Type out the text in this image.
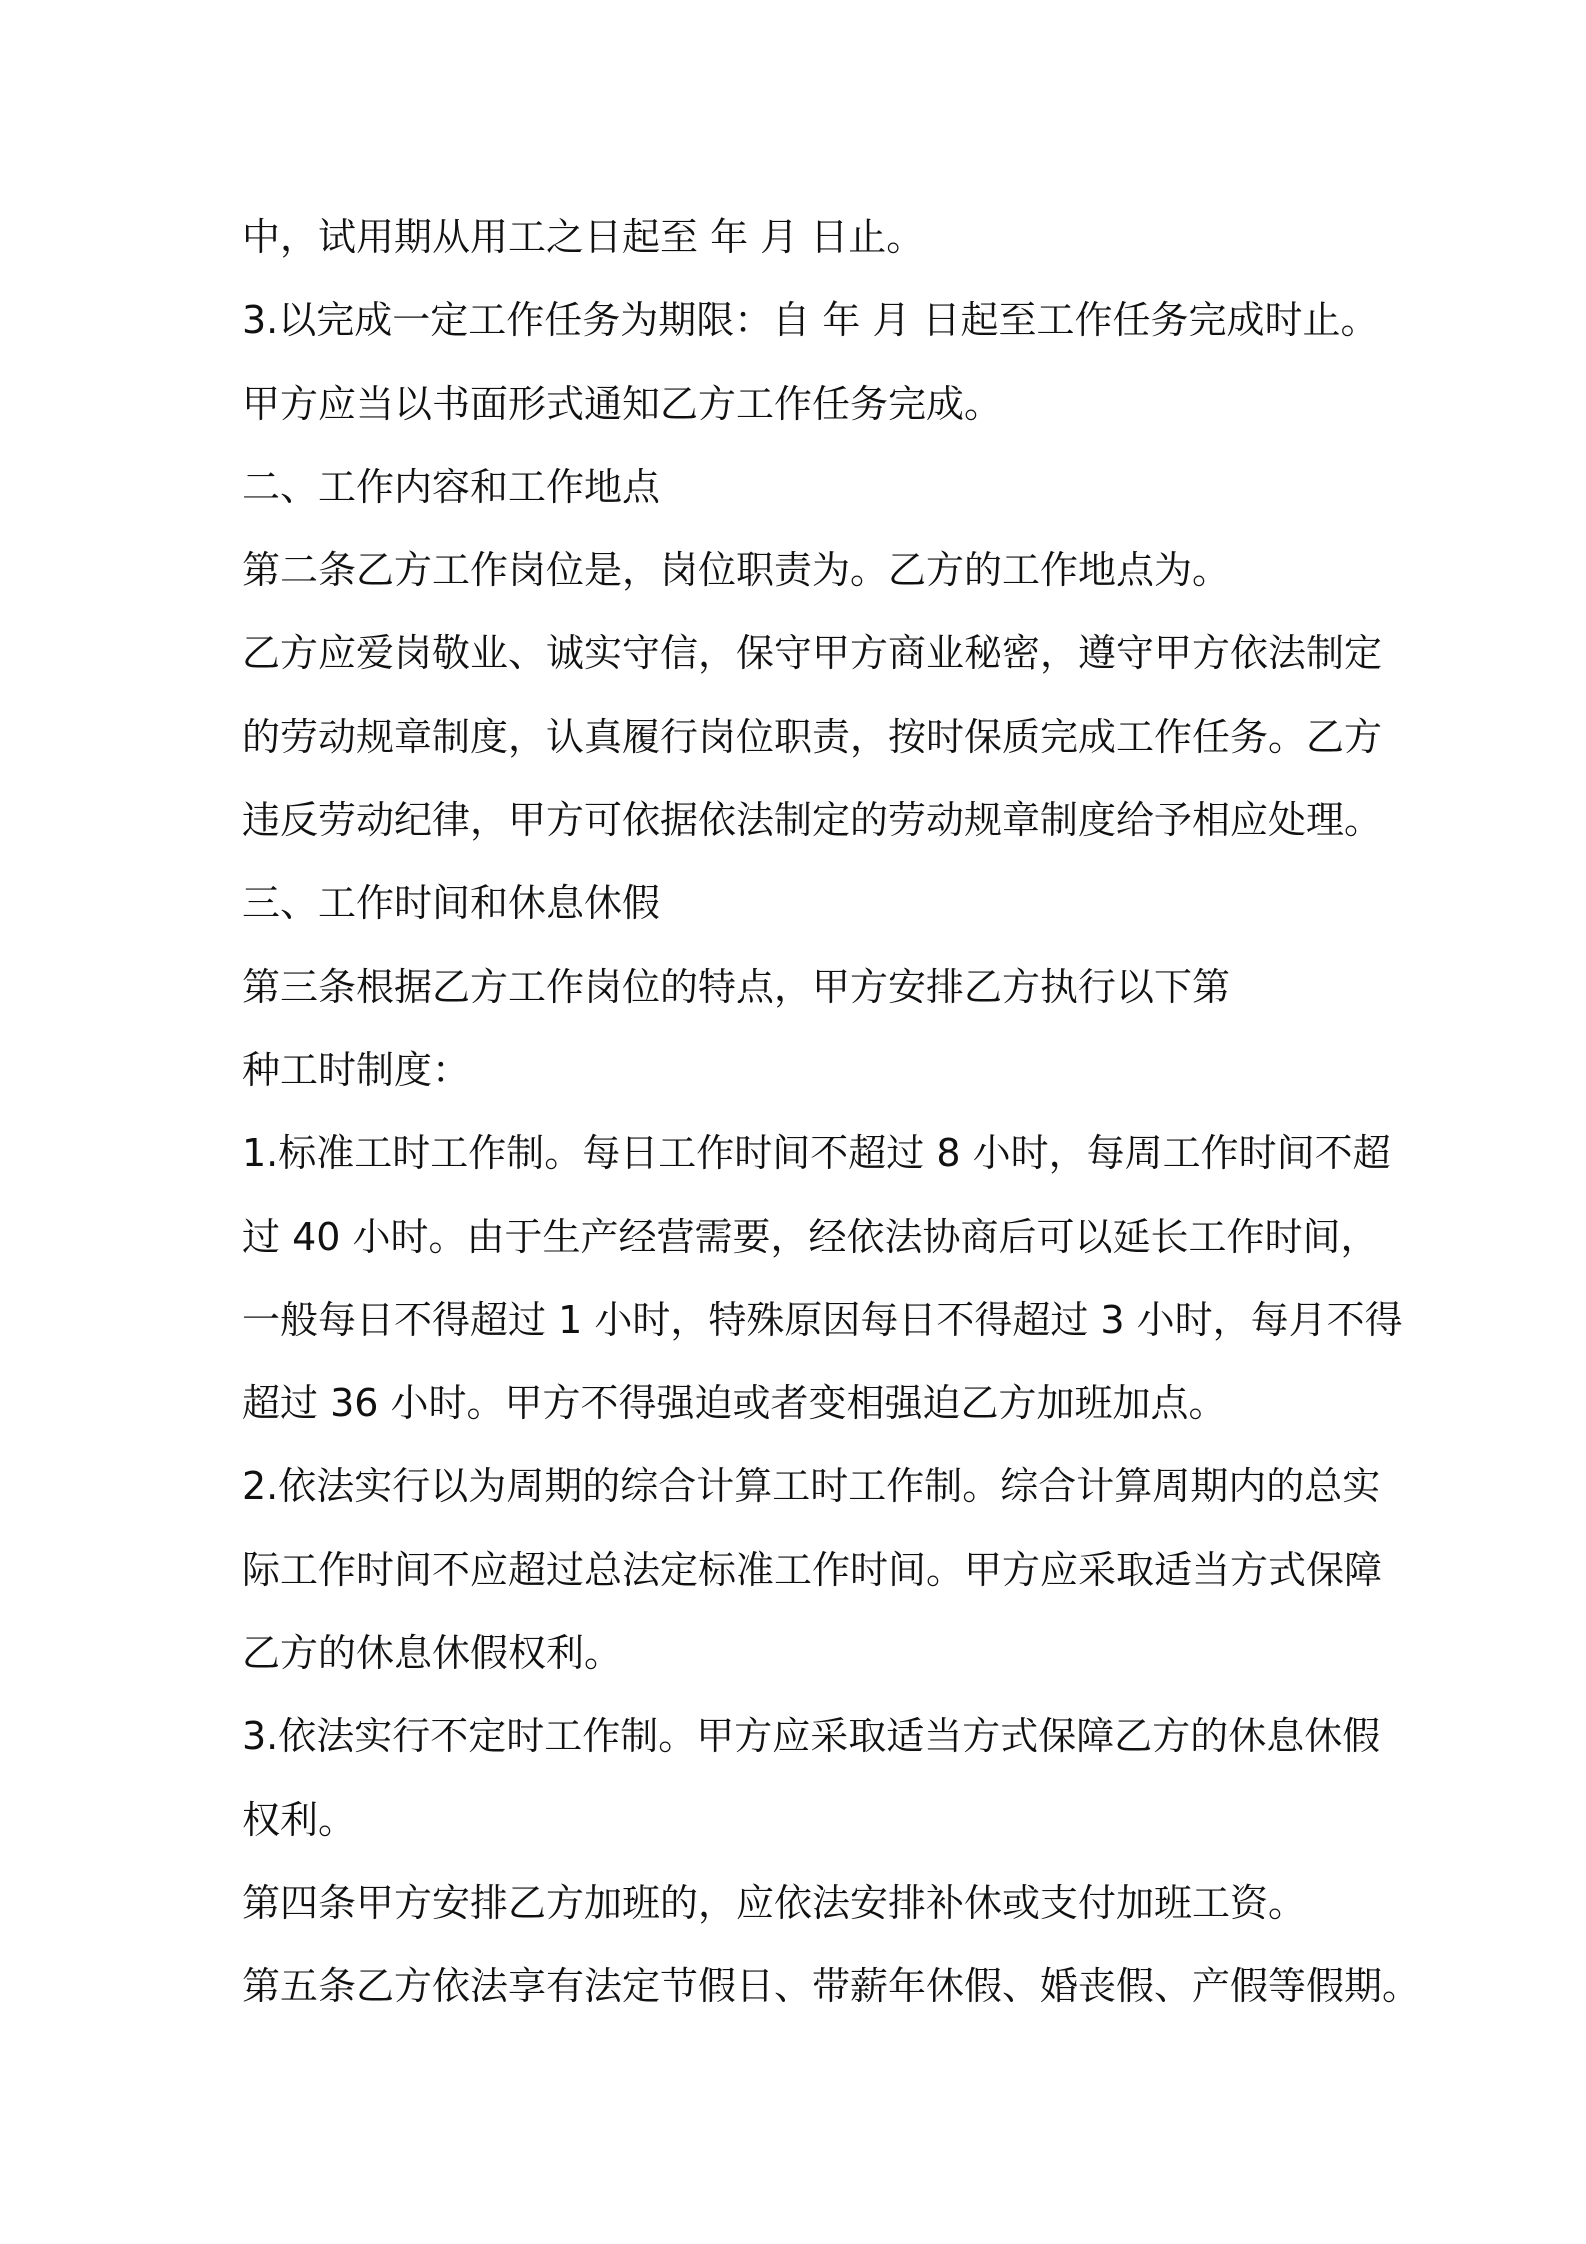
中，试用期从用工之日起至 年 月 日止。

3.以完成一定工作任务为期限：自 年 月 日起至工作任务完成时止。

甲方应当以书面形式通知乙方工作任务完成。

二、工作内容和工作地点

第二条乙方工作岗位是，岗位职责为。乙方的工作地点为。

乙方应爱岗敬业、诚实守信，保守甲方商业秘密，遵守甲方依法制定

的劳动规章制度，认真履行岗位职责，按时保质完成工作任务。乙方

违反劳动纪律，甲方可依据依法制定的劳动规章制度给予相应处理。

三、工作时间和休息休假

第三条根据乙方工作岗位的特点，甲方安排乙方执行以下第

种工时制度：

1.标准工时工作制。每日工作时间不超过 8 小时，每周工作时间不超

过 40 小时。由于生产经营需要，经依法协商后可以延长工作时间，

一般每日不得超过 1 小时，特殊原因每日不得超过 3 小时，每月不得

超过 36 小时。甲方不得强迫或者变相强迫乙方加班加点。

2.依法实行以为周期的综合计算工时工作制。综合计算周期内的总实

际工作时间不应超过总法定标准工作时间。甲方应采取适当方式保障

乙方的休息休假权利。

3.依法实行不定时工作制。甲方应采取适当方式保障乙方的休息休假

权利。

第四条甲方安排乙方加班的，应依法安排补休或支付加班工资。

第五条乙方依法享有法定节假日、带薪年休假、婚丧假、产假等假期。
